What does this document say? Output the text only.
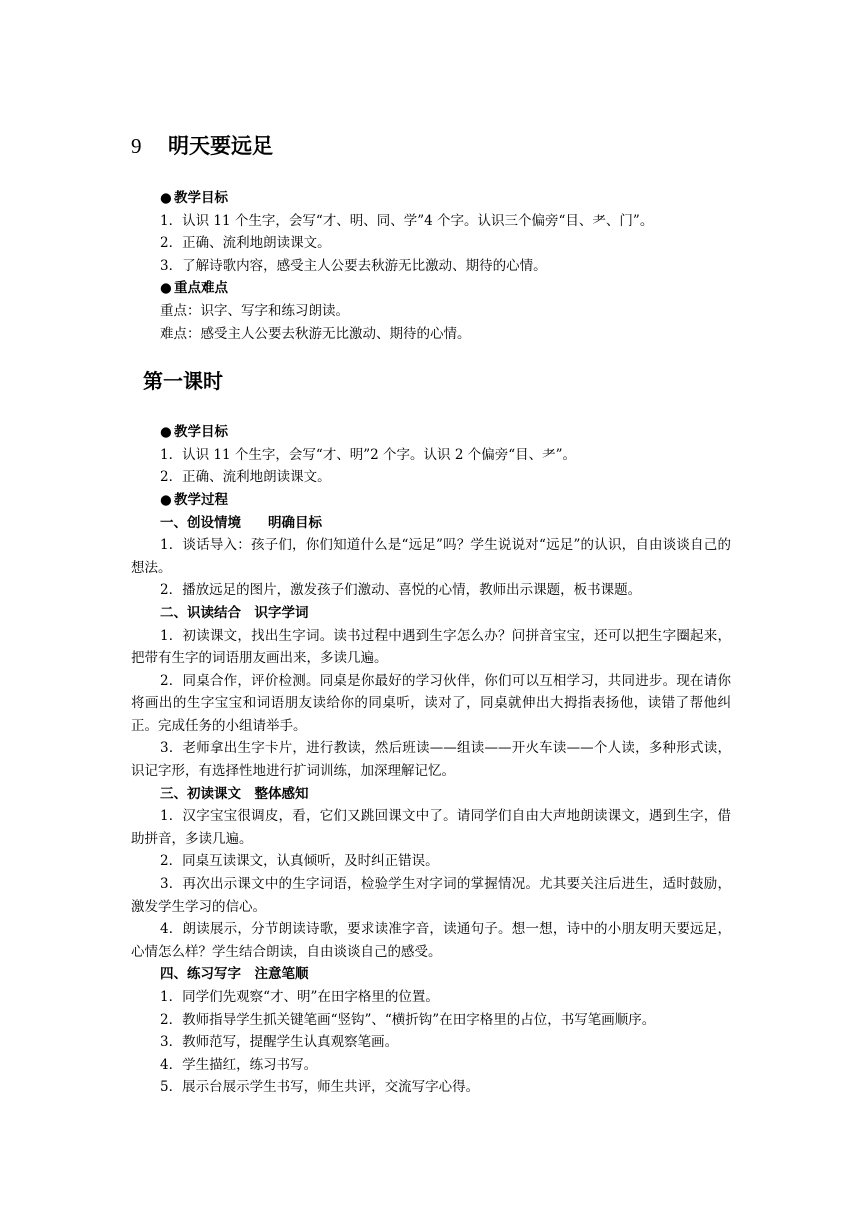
9 明天要远足

● 教学目标

1．认识 11 个生字，会写“才、明、同、学”4 个字。认识三个偏旁“目、⺹、门”。

2．正确、流利地朗读课文。

3．了解诗歌内容，感受主人公要去秋游无比激动、期待的心情。

● 重点难点

重点：识字、写字和练习朗读。

难点：感受主人公要去秋游无比激动、期待的心情。

第一课时

● 教学目标

1．认识 11 个生字，会写“才、明”2 个字。认识 2 个偏旁“目、⺹”。

2．正确、流利地朗读课文。

● 教学过程

一、创设情境　　明确目标

1．谈话导入：孩子们，你们知道什么是“远足”吗？学生说说对“远足”的认识，自由谈谈自己的想法。

2．播放远足的图片，激发孩子们激动、喜悦的心情，教师出示课题，板书课题。

二、识读结合　识字学词

1．初读课文，找出生字词。读书过程中遇到生字怎么办？问拼音宝宝，还可以把生字圈起来，把带有生字的词语朋友画出来，多读几遍。

2．同桌合作，评价检测。同桌是你最好的学习伙伴，你们可以互相学习，共同进步。现在请你将画出的生字宝宝和词语朋友读给你的同桌听，读对了，同桌就伸出大拇指表扬他，读错了帮他纠正。完成任务的小组请举手。

3．老师拿出生字卡片，进行教读，然后班读——组读——开火车读——个人读，多种形式读，识记字形，有选择性地进行扩词训练，加深理解记忆。

三、初读课文　整体感知

1．汉字宝宝很调皮，看，它们又跳回课文中了。请同学们自由大声地朗读课文，遇到生字，借助拼音，多读几遍。

2．同桌互读课文，认真倾听，及时纠正错误。

3．再次出示课文中的生字词语，检验学生对字词的掌握情况。尤其要关注后进生，适时鼓励，激发学生学习的信心。

4．朗读展示，分节朗读诗歌，要求读准字音，读通句子。想一想，诗中的小朋友明天要远足，心情怎么样？学生结合朗读，自由谈谈自己的感受。

四、练习写字　注意笔顺

1．同学们先观察“才、明”在田字格里的位置。

2．教师指导学生抓关键笔画“竖钩”、“横折钩”在田字格里的占位，书写笔画顺序。

3．教师范写，提醒学生认真观察笔画。

4．学生描红，练习书写。

5．展示台展示学生书写，师生共评，交流写字心得。
